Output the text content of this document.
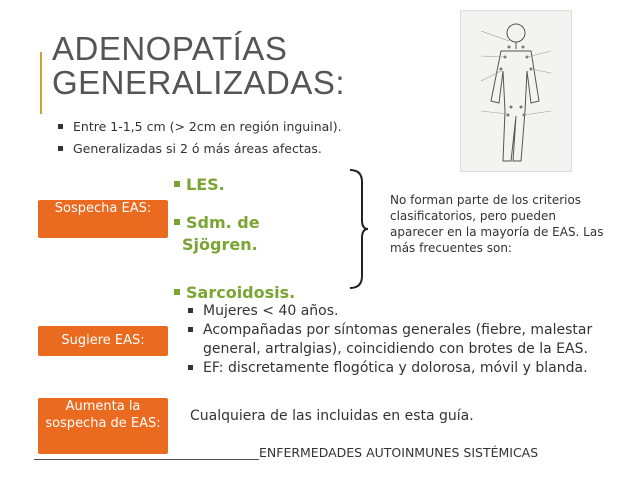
ADENOPATÍAS
GENERALIZADAS:
Entre 1-1,5 cm (> 2cm en región inguinal).
Generalizadas si 2 ó más áreas afectas.
Sospecha EAS:
LES.
Sdm. de
Sjögren.
Sarcoidosis.
No forman parte de los criterios clasificatorios, pero pueden aparecer en la mayoría de EAS. Las más frecuentes son:
Sugiere EAS:
Mujeres < 40 años.
Acompañadas por síntomas generales (fiebre, malestar general, artralgias), coincidiendo con brotes de la EAS.
EF: discretamente flogótica y dolorosa, móvil y blanda.
Aumenta la sospecha de EAS:	Cualquiera de las incluidas en esta guía.
____________________________________ENFERMEDADES AUTOINMUNES SISTÉMICAS
